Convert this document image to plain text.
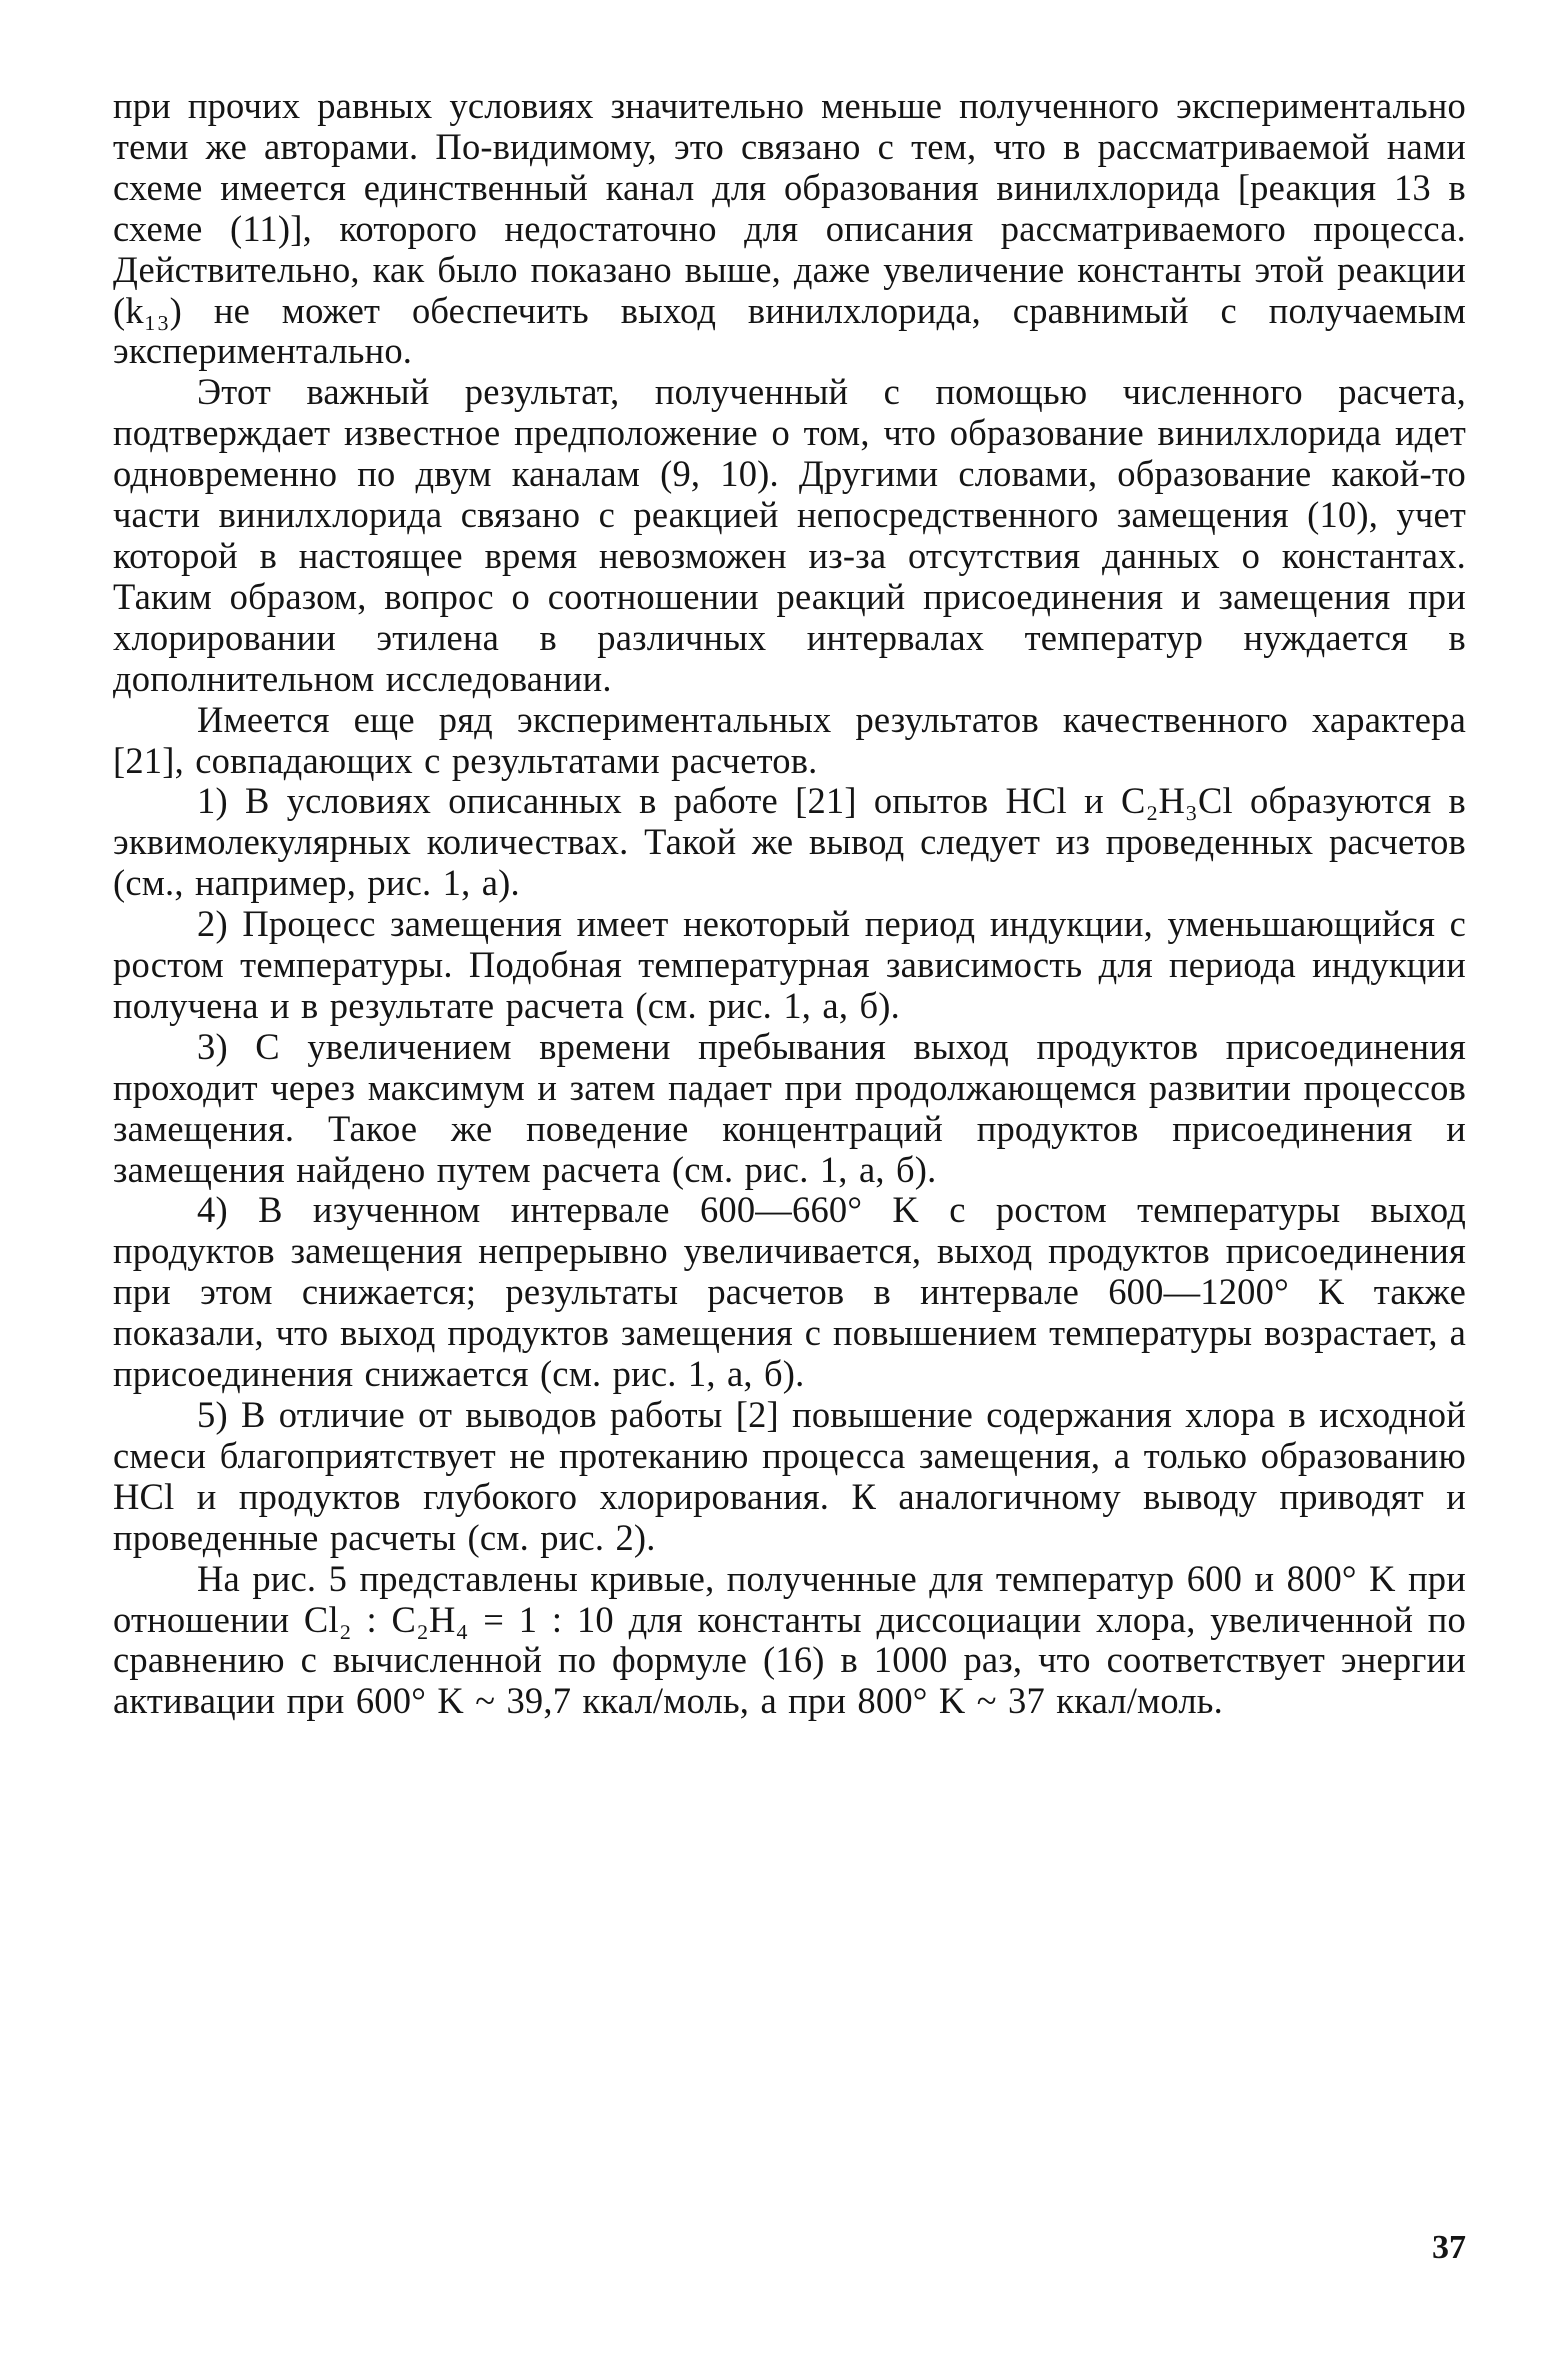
при прочих равных условиях значительно меньше полученного экспериментально теми же авторами. По-видимому, это связано с тем, что в рассматриваемой нами схеме имеется единственный канал для образования винилхлорида [реакция 13 в схеме (11)], которого недостаточно для описания рассматриваемого процесса. Действительно, как было показано выше, даже увеличение константы этой реакции (k₁₃) не может обеспечить выход винилхлорида, сравнимый с получаемым экспериментально.

Этот важный результат, полученный с помощью численного расчета, подтверждает известное предположение о том, что образование винилхлорида идет одновременно по двум каналам (9, 10). Другими словами, образование какой-то части винилхлорида связано с реакцией непосредственного замещения (10), учет которой в настоящее время невозможен из-за отсутствия данных о константах. Таким образом, вопрос о соотношении реакций присоединения и замещения при хлорировании этилена в различных интервалах температур нуждается в дополнительном исследовании.

Имеется еще ряд экспериментальных результатов качественного характера [21], совпадающих с результатами расчетов.

1) В условиях описанных в работе [21] опытов HCl и C₂H₃Cl образуются в эквимолекулярных количествах. Такой же вывод следует из проведенных расчетов (см., например, рис. 1, а).

2) Процесс замещения имеет некоторый период индукции, уменьшающийся с ростом температуры. Подобная температурная зависимость для периода индукции получена и в результате расчета (см. рис. 1, а, б).

3) С увеличением времени пребывания выход продуктов присоединения проходит через максимум и затем падает при продолжающемся развитии процессов замещения. Такое же поведение концентраций продуктов присоединения и замещения найдено путем расчета (см. рис. 1, а, б).

4) В изученном интервале 600—660° K с ростом температуры выход продуктов замещения непрерывно увеличивается, выход продуктов присоединения при этом снижается; результаты расчетов в интервале 600—1200° K также показали, что выход продуктов замещения с повышением температуры возрастает, а присоединения снижается (см. рис. 1, а, б).

5) В отличие от выводов работы [2] повышение содержания хлора в исходной смеси благоприятствует не протеканию процесса замещения, а только образованию HCl и продуктов глубокого хлорирования. К аналогичному выводу приводят и проведенные расчеты (см. рис. 2).

На рис. 5 представлены кривые, полученные для температур 600 и 800° K при отношении Cl₂ : C₂H₄ = 1 : 10 для константы диссоциации хлора, увеличенной по сравнению с вычисленной по формуле (16) в 1000 раз, что соответствует энергии активации при 600° K ~ 39,7 ккал/моль, а при 800° K ~ 37 ккал/моль.

37
